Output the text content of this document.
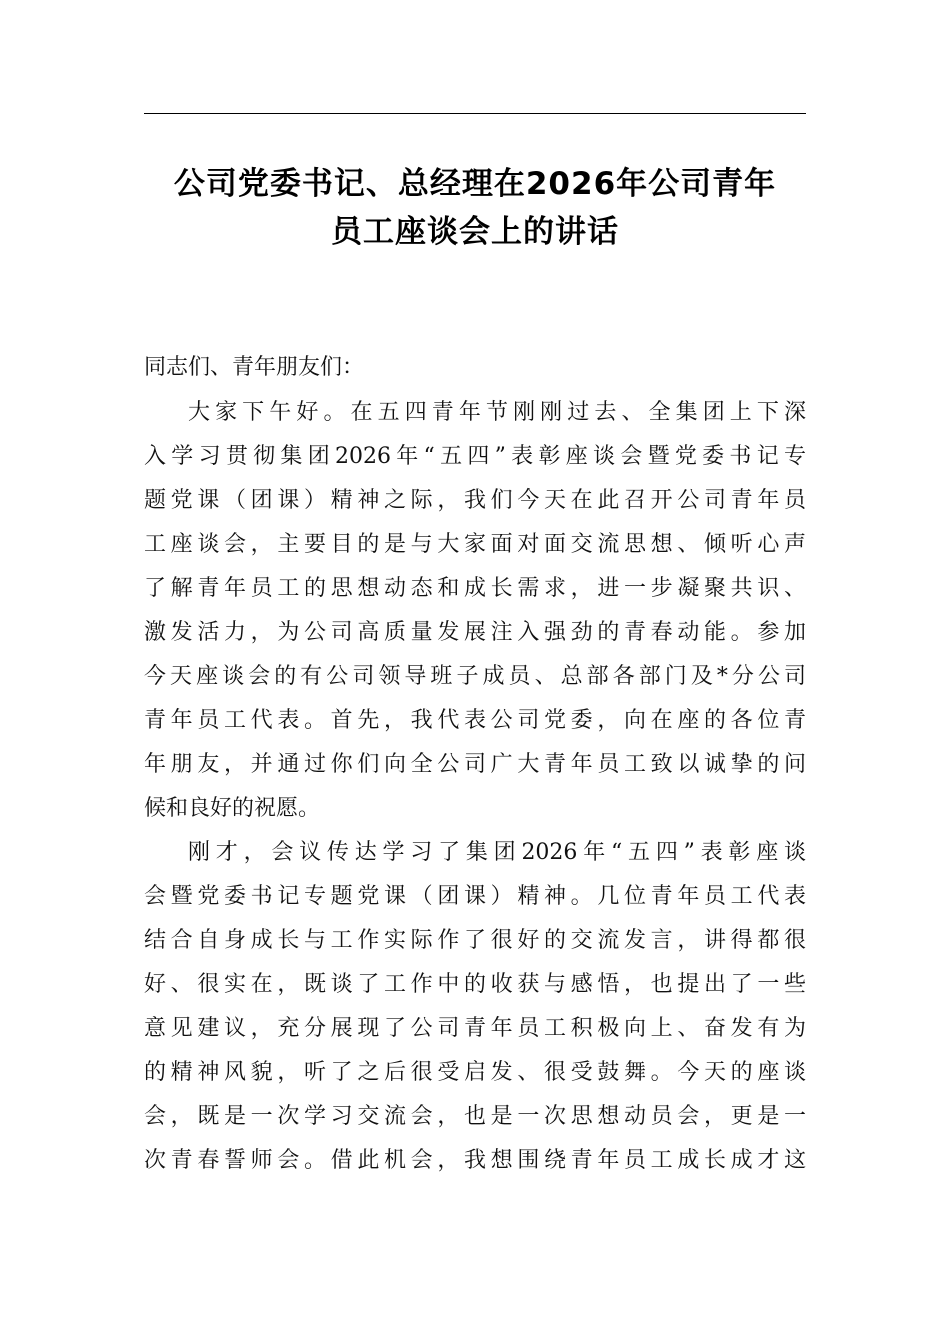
公司党委书记、总经理在2026年公司青年
员工座谈会上的讲话
同志们、青年朋友们：
大家下午好。在五四青年节刚刚过去、全集团上下深
入学习贯彻集团2026年“五四”表彰座谈会暨党委书记专
题党课（团课）精神之际，我们今天在此召开公司青年员
工座谈会，主要目的是与大家面对面交流思想、倾听心声
了解青年员工的思想动态和成长需求，进一步凝聚共识、
激发活力，为公司高质量发展注入强劲的青春动能。参加
今天座谈会的有公司领导班子成员、总部各部门及*分公司
青年员工代表。首先，我代表公司党委，向在座的各位青
年朋友，并通过你们向全公司广大青年员工致以诚挚的问
候和良好的祝愿。
刚才，会议传达学习了集团2026年“五四”表彰座谈
会暨党委书记专题党课（团课）精神。几位青年员工代表
结合自身成长与工作实际作了很好的交流发言，讲得都很
好、很实在，既谈了工作中的收获与感悟，也提出了一些
意见建议，充分展现了公司青年员工积极向上、奋发有为
的精神风貌，听了之后很受启发、很受鼓舞。今天的座谈
会，既是一次学习交流会，也是一次思想动员会，更是一
次青春誓师会。借此机会，我想围绕青年员工成长成才这
